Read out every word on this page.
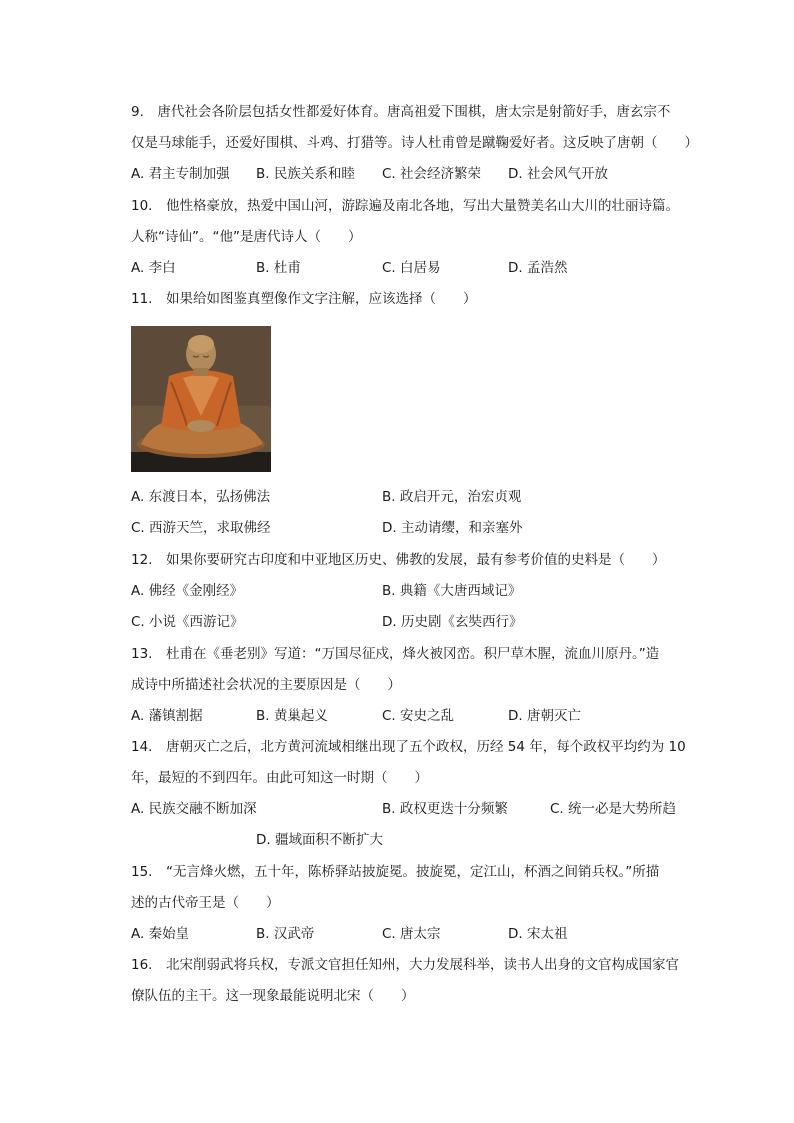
9.　唐代社会各阶层包括女性都爱好体育。唐高祖爱下围棋，唐太宗是射箭好手，唐玄宗不
仅是马球能手，还爱好围棋、斗鸡、打猎等。诗人杜甫曾是蹴鞠爱好者。这反映了唐朝（　　）
A. 君主专制加强 B. 民族关系和睦 C. 社会经济繁荣 D. 社会风气开放
10.　他性格豪放，热爱中国山河，游踪遍及南北各地，写出大量赞美名山大川的壮丽诗篇。
人称“诗仙”。“他”是唐代诗人（　　）
A. 李白	B. 杜甫	C. 白居易	D. 孟浩然
11.　如果给如图鉴真塑像作文字注解，应该选择（　　）
A. 东渡日本，弘扬佛法	B. 政启开元，治宏贞观
C. 西游天竺，求取佛经	D. 主动请缨，和亲塞外
12.　如果你要研究古印度和中亚地区历史、佛教的发展，最有参考价值的史料是（　　）
A. 佛经《金刚经》	B. 典籍《大唐西域记》
C. 小说《西游记》	D. 历史剧《玄奘西行》
13.　杜甫在《垂老别》写道：“万国尽征戍，烽火被冈峦。积尸草木腥，流血川原丹。”造
成诗中所描述社会状况的主要原因是（　　）
A. 藩镇割据	B. 黄巢起义	C. 安史之乱	D. 唐朝灭亡
14.　唐朝灭亡之后，北方黄河流域相继出现了五个政权，历经 54 年，每个政权平均约为 10
年，最短的不到四年。由此可知这一时期（　　）
A. 民族交融不断加深	B. 政权更迭十分频繁	C. 统一必是大势所趋
D. 疆域面积不断扩大
15.　“无言烽火燃，五十年，陈桥驿站披旋冕。披旋冕，定江山，杯酒之间销兵权。”所描
述的古代帝王是（　　）
A. 秦始皇	B. 汉武帝	C. 唐太宗	D. 宋太祖
16.　北宋削弱武将兵权，专派文官担任知州，大力发展科举，读书人出身的文官构成国家官
僚队伍的主干。这一现象最能说明北宋（　　）
